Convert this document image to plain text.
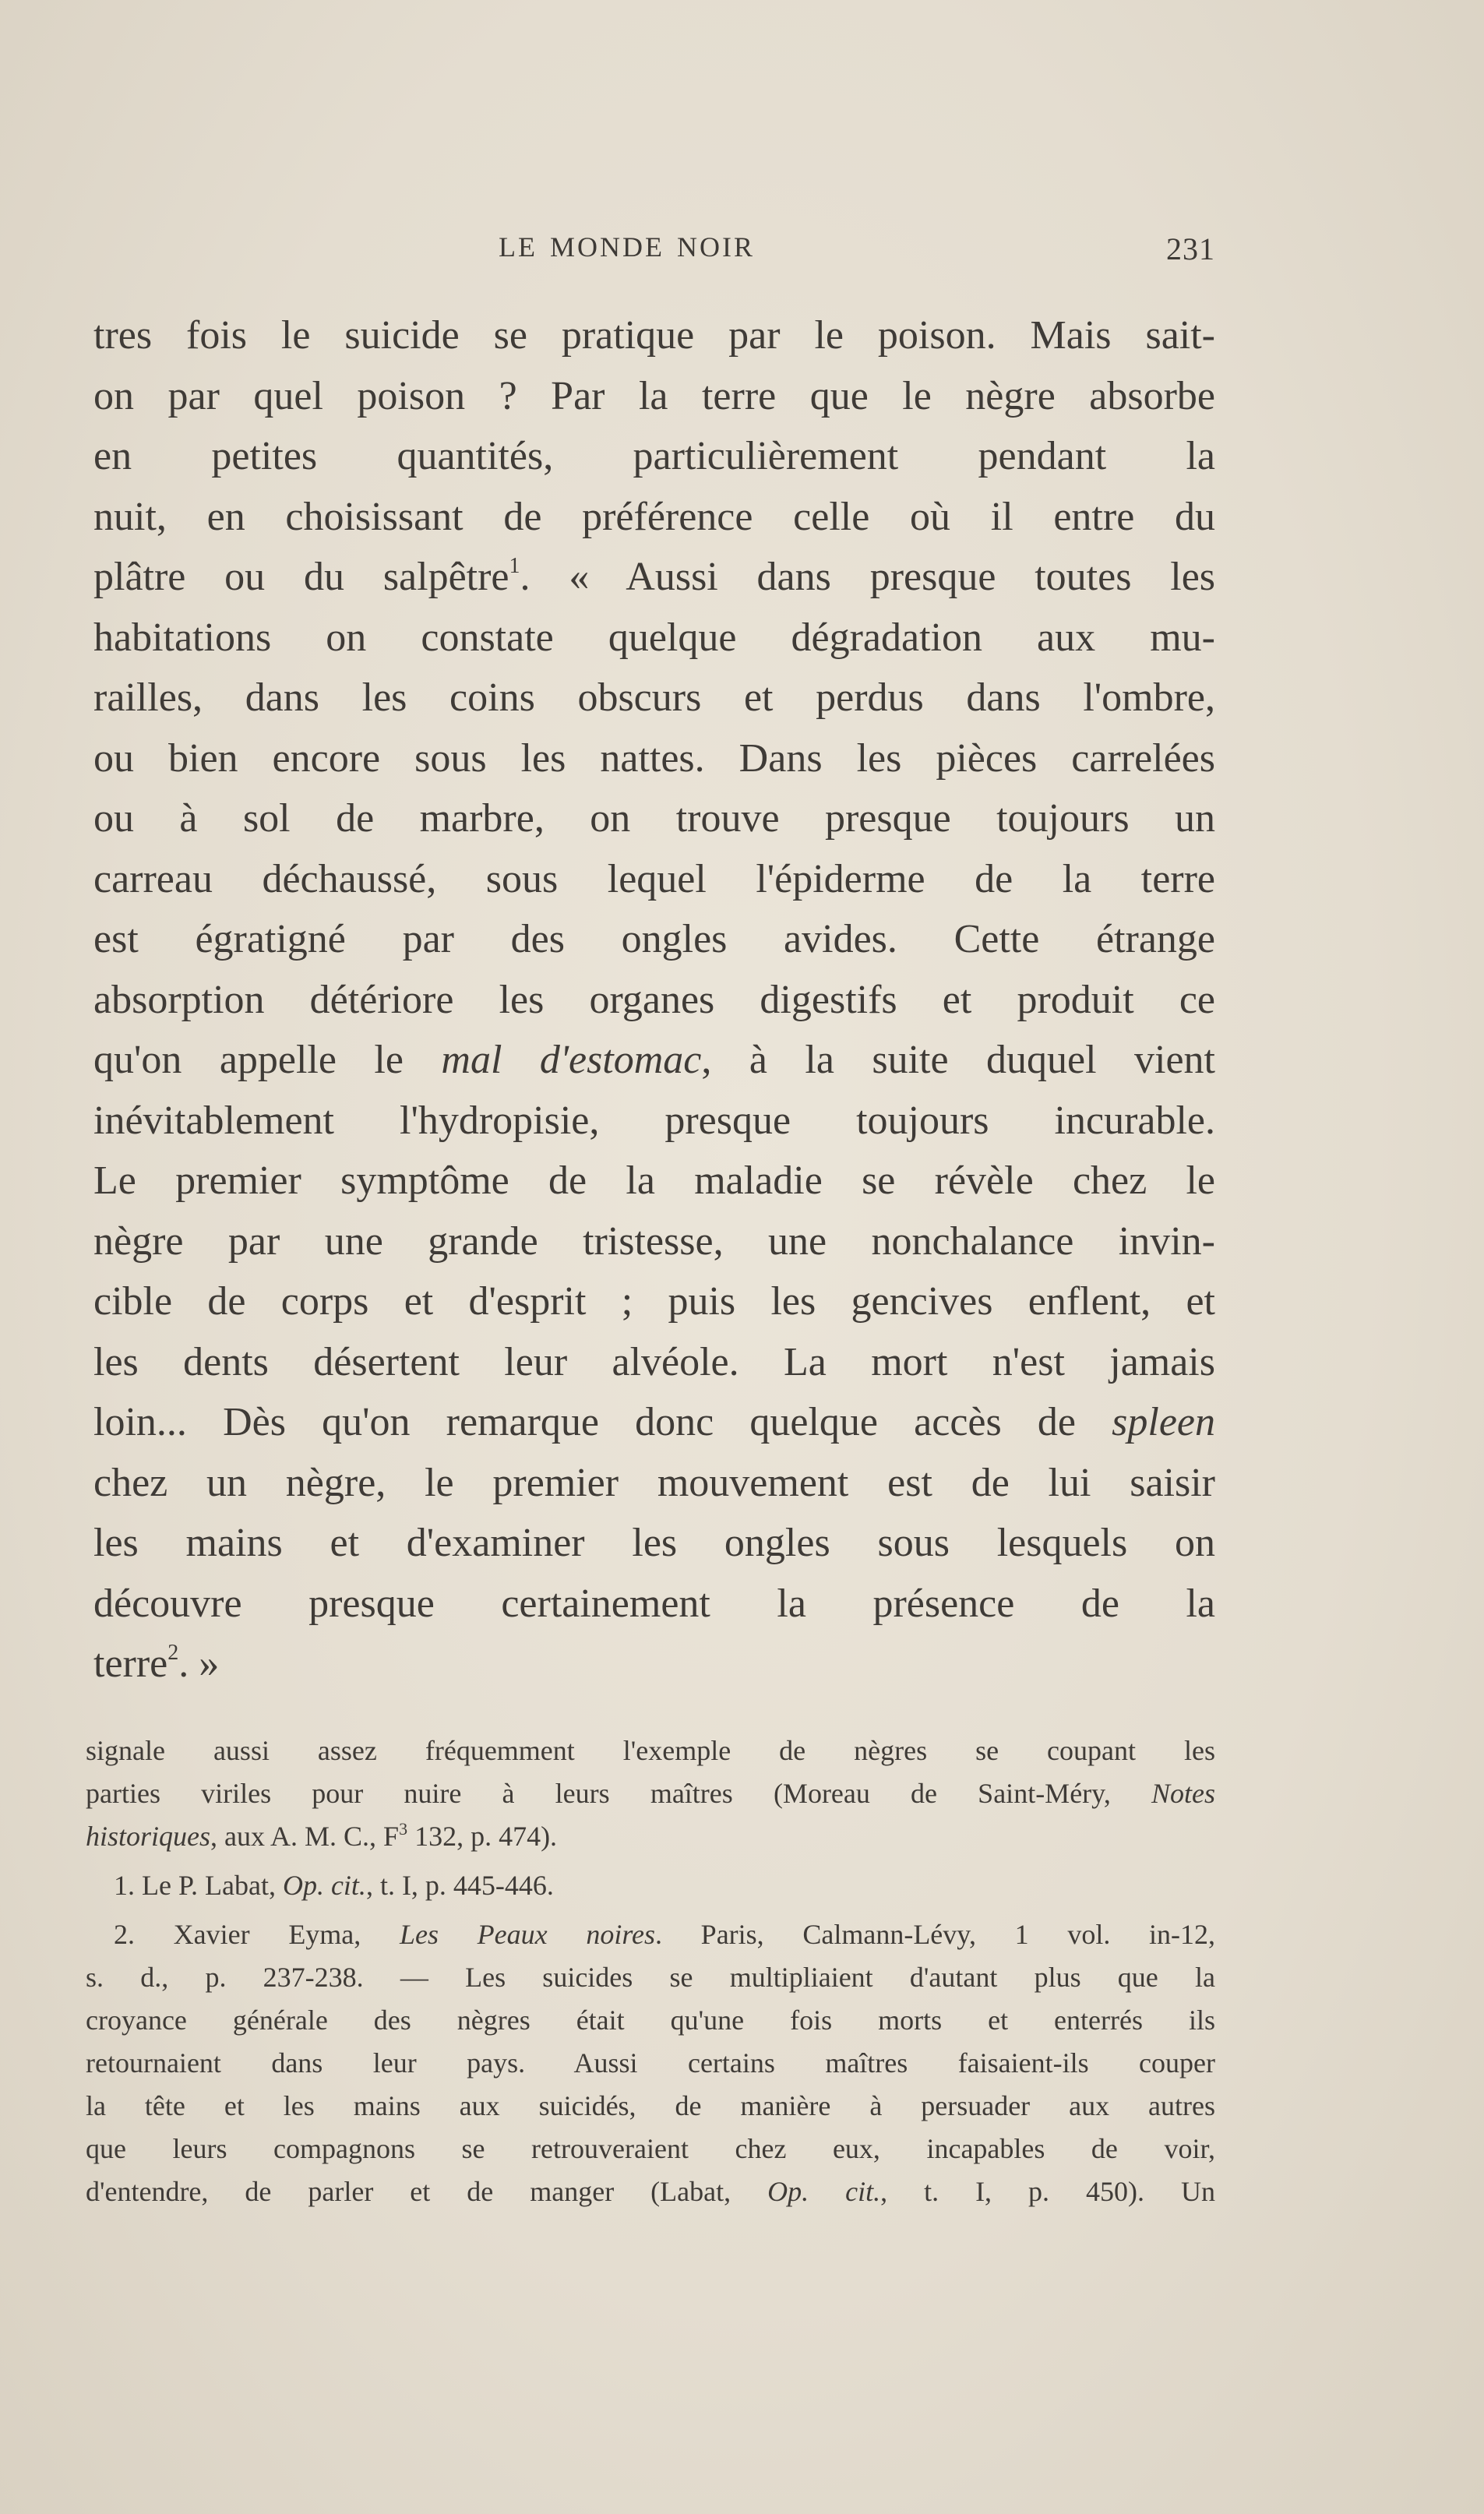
LE MONDE NOIR	231
tres fois le suicide se pratique par le poison. Mais sait-
on par quel poison ? Par la terre que le nègre absorbe
en petites quantités, particulièrement pendant la
nuit, en choisissant de préférence celle où il entre du
plâtre ou du salpêtre$^1$. « Aussi dans presque toutes les
habitations on constate quelque dégradation aux mu-
railles, dans les coins obscurs et perdus dans l'ombre,
ou bien encore sous les nattes. Dans les pièces carrelées
ou à sol de marbre, on trouve presque toujours un
carreau déchaussé, sous lequel l'épiderme de la terre
est égratigné par des ongles avides. Cette étrange
absorption détériore les organes digestifs et produit ce
qu'on appelle le mal d'estomac, à la suite duquel vient
inévitablement l'hydropisie, presque toujours incurable.
Le premier symptôme de la maladie se révèle chez le
nègre par une grande tristesse, une nonchalance invin-
cible de corps et d'esprit ; puis les gencives enflent, et
les dents désertent leur alvéole. La mort n'est jamais
loin... Dès qu'on remarque donc quelque accès de spleen
chez un nègre, le premier mouvement est de lui saisir
les mains et d'examiner les ongles sous lesquels on
découvre presque certainement la présence de la
terre$^2$. »

signale aussi assez fréquemment l'exemple de nègres se coupant les
parties viriles pour nuire à leurs maîtres (Moreau de Saint-Méry, Notes
historiques, aux A. M. C., $F^3$ 132, p. 474).

1. Le P. Labat, Op. cit., t. I, p. 445-446.

2. Xavier Eyma, Les Peaux noires. Paris, Calmann-Lévy, 1 vol. in-12,
s. d., p. 237-238. — Les suicides se multipliaient d'autant plus que la
croyance générale des nègres était qu'une fois morts et enterrés ils
retournaient dans leur pays. Aussi certains maîtres faisaient-ils couper
la tête et les mains aux suicidés, de manière à persuader aux autres
que leurs compagnons se retrouveraient chez eux, incapables de voir,
d'entendre, de parler et de manger (Labat, Op. cit., t. I, p. 450). Un
